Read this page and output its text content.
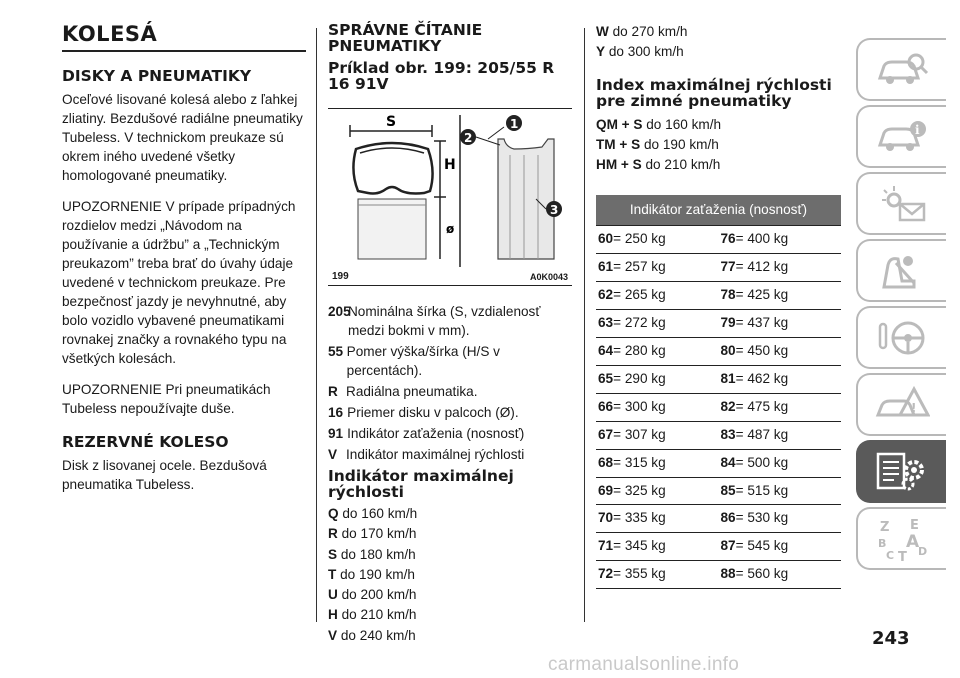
KOLESÁ
DISKY A PNEUMATIKY

Oceľové lisované kolesá alebo z ľahkej zliatiny. Bezdušové radiálne pneumatiky Tubeless. V technickom preukaze sú okrem iného uvedené všetky homologované pneumatiky.

UPOZORNENIE V prípade prípadných rozdielov medzi „Návodom na používanie a údržbu” a „Technickým preukazom” treba brať do úvahy údaje uvedené v technickom preukaze. Pre bezpečnosť jazdy je nevyhnutné, aby bolo vozidlo vybavené pneumatikami rovnakej značky a rovnakého typu na všetkých kolesách.

UPOZORNENIE Pri pneumatikách Tubeless nepoužívajte duše.

REZERVNÉ KOLESO

Disk z lisovanej ocele. Bezdušová pneumatika Tubeless.

SPRÁVNE ČÍTANIE PNEUMATIKY
Príklad obr. 199: 205/55 R 16 91V
S
H
ø
1
2
3
199	A0K0043
205
Nominálna šírka (S, vzdialenosť medzi bokmi v mm).
55 Pomer výška/šírka (H/S v percentách).
R Radiálna pneumatika.
16 Priemer disku v palcoch (Ø).
91 Indikátor zaťaženia (nosnosť)
V Indikátor maximálnej rýchlosti
Indikátor maximálnej rýchlosti
Q do 160 km/h
R do 170 km/h
S do 180 km/h
T do 190 km/h
U do 200 km/h
H do 210 km/h
V do 240 km/h
W do 270 km/h
Y do 300 km/h
Index maximálnej rýchlosti pre zimné pneumatiky
QM + S do 160 km/h
TM + S do 190 km/h
HM + S do 210 km/h
Indikátor zaťaženia (nosnosť)
60= 250 kg	76= 400 kg
61= 257 kg	77= 412 kg
62= 265 kg	78= 425 kg
63= 272 kg	79= 437 kg
64= 280 kg	80= 450 kg
65= 290 kg	81= 462 kg
66= 300 kg	82= 475 kg
67= 307 kg	83= 487 kg
68= 315 kg	84= 500 kg
69= 325 kg	85= 515 kg
70= 335 kg	86= 530 kg
71= 345 kg	87= 545 kg
72= 355 kg	88= 560 kg
i
!
Z E
B A
C T D
243
carmanualsonline.info
